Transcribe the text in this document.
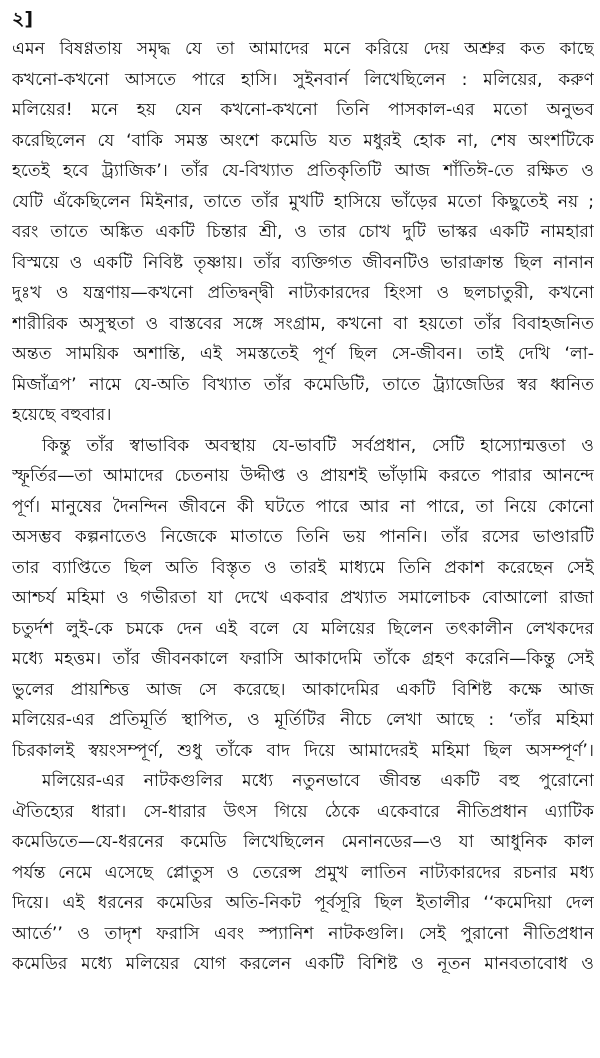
২]
এমন বিষণ্ণতায় সমৃদ্ধ যে তা আমাদের মনে করিয়ে দেয় অশ্রুর কত কাছে
কখনো-কখনো আসতে পারে হাসি। সুইনবার্ন লিখেছিলেন : মলিয়ের, করুণ
মলিয়ের! মনে হয় যেন কখনো-কখনো তিনি পাসকাল-এর মতো অনুভব
করেছিলেন যে ‘বাকি সমস্ত অংশে কমেডি যত মধুরই হোক না, শেষ অংশটিকে
হতেই হবে ট্র্যাজিক’। তাঁর যে-বিখ্যাত প্রতিকৃতিটি আজ শাঁতিঈ-তে রক্ষিত ও
যেটি এঁকেছিলেন মিইনার, তাতে তাঁর মুখটি হাসিয়ে ভাঁড়ের মতো কিছুতেই নয় ;
বরং তাতে অঙ্কিত একটি চিন্তার শ্রী, ও তার চোখ দুটি ভাস্কর একটি নামহারা
বিস্ময়ে ও একটি নিবিষ্ট তৃষ্ণায়। তাঁর ব্যক্তিগত জীবনটিও ভারাক্রান্ত ছিল নানান
দুঃখ ও যন্ত্রণায়—কখনো প্রতিদ্বন্দ্বী নাট্যকারদের হিংসা ও ছলচাতুরী, কখনো
শারীরিক অসুস্থতা ও বাস্তবের সঙ্গে সংগ্রাম, কখনো বা হয়তো তাঁর বিবাহজনিত
অন্তত সাময়িক অশান্তি, এই সমস্ততেই পূর্ণ ছিল সে-জীবন। তাই দেখি ‘লা-
মিজাঁত্রপ’ নামে যে-অতি বিখ্যাত তাঁর কমেডিটি, তাতে ট্র্যাজেডির স্বর ধ্বনিত
হয়েছে বহুবার।
কিন্তু তাঁর স্বাভাবিক অবস্থায় যে-ভাবটি সর্বপ্রধান, সেটি হাস্যোন্মত্ততা ও
স্ফূর্তির—তা আমাদের চেতনায় উদ্দীপ্ত ও প্রায়শই ভাঁড়ামি করতে পারার আনন্দে
পূর্ণ। মানুষের দৈনন্দিন জীবনে কী ঘটতে পারে আর না পারে, তা নিয়ে কোনো
অসম্ভব কল্পনাতেও নিজেকে মাতাতে তিনি ভয় পাননি। তাঁর রসের ভাণ্ডারটি
তার ব্যাপ্তিতে ছিল অতি বিস্তৃত ও তারই মাধ্যমে তিনি প্রকাশ করেছেন সেই
আশ্চর্য মহিমা ও গভীরতা যা দেখে একবার প্রখ্যাত সমালোচক বোআলো রাজা
চতুর্দশ লুই-কে চমকে দেন এই বলে যে মলিয়ের ছিলেন তৎকালীন লেখকদের
মধ্যে মহত্তম। তাঁর জীবনকালে ফরাসি আকাদেমি তাঁকে গ্রহণ করেনি—কিন্তু সেই
ভুলের প্রায়শ্চিত্ত আজ সে করেছে। আকাদেমির একটি বিশিষ্ট কক্ষে আজ
মলিয়ের-এর প্রতিমূর্তি স্থাপিত, ও মূর্তিটির নীচে লেখা আছে : ‘তাঁর মহিমা
চিরকালই স্বয়ংসম্পূর্ণ, শুধু তাঁকে বাদ দিয়ে আমাদেরই মহিমা ছিল অসম্পূর্ণ’।
মলিয়ের-এর নাটকগুলির মধ্যে নতুনভাবে জীবন্ত একটি বহু পুরোনো
ঐতিহ্যের ধারা। সে-ধারার উৎস গিয়ে ঠেকে একেবারে নীতিপ্রধান এ্যাটিক
কমেডিতে—যে-ধরনের কমেডি লিখেছিলেন মেনানডের—ও যা আধুনিক কাল
পর্যন্ত নেমে এসেছে প্লোতুস ও তেরেন্স প্রমুখ লাতিন নাট্যকারদের রচনার মধ্য
দিয়ে। এই ধরনের কমেডির অতি-নিকট পূর্বসূরি ছিল ইতালীর ‘‘কমেদিয়া দেল
আর্তে’’ ও তাদৃশ ফরাসি এবং স্প্যানিশ নাটকগুলি। সেই পুরানো নীতিপ্রধান
কমেডির মধ্যে মলিয়ের যোগ করলেন একটি বিশিষ্ট ও নূতন মানবতাবোধ ও
